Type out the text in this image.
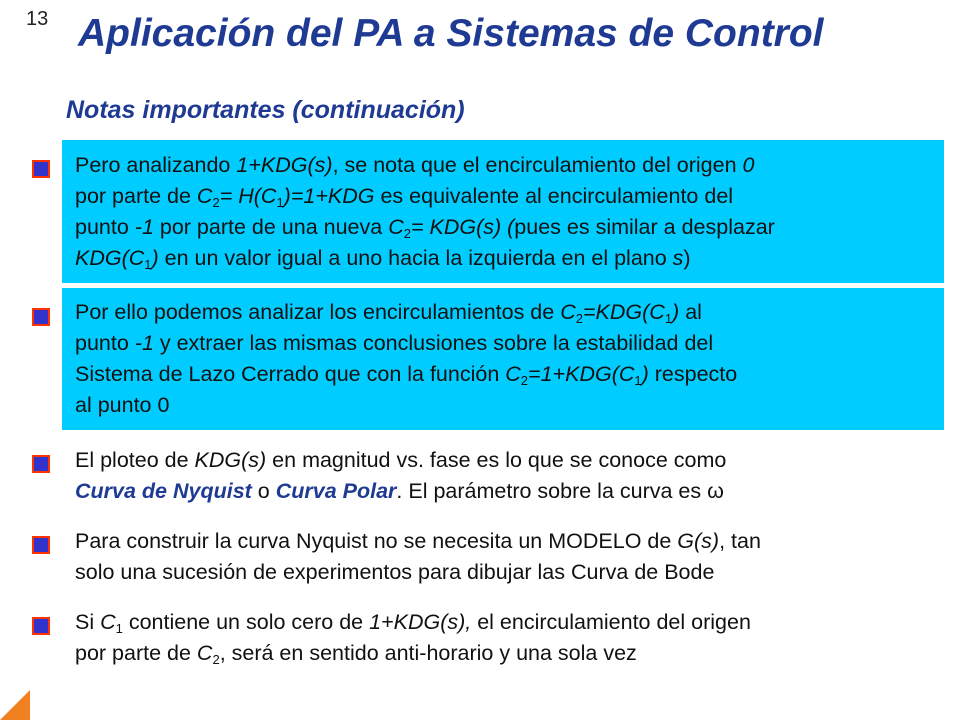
13 Aplicación del PA a Sistemas de Control
Notas importantes (continuación)
Pero analizando 1+KDG(s), se nota que el encirculamiento del origen 0
por parte de $C_2= H(C_1)=1+KDG$ es equivalente al encirculamiento del
punto -1 por parte de una nueva $C_2= KDG(s)$ (pues es similar a desplazar
$KDG(C_1)$ en un valor igual a uno hacia la izquierda en el plano s)
Por ello podemos analizar los encirculamientos de $C_2=KDG(C_1)$ al
punto -1 y extraer las mismas conclusiones sobre la estabilidad del
Sistema de Lazo Cerrado que con la función $C_2=1+KDG(C_1)$ respecto
al punto 0
El ploteo de KDG(s) en magnitud vs. fase es lo que se conoce como
Curva de Nyquist o Curva Polar. El parámetro sobre la curva es ω
Para construir la curva Nyquist no se necesita un MODELO de G(s), tan
solo una sucesión de experimentos para dibujar las Curva de Bode
Si $C_1$ contiene un solo cero de 1+KDG(s), el encirculamiento del origen
por parte de $C_2$, será en sentido anti-horario y una sola vez
